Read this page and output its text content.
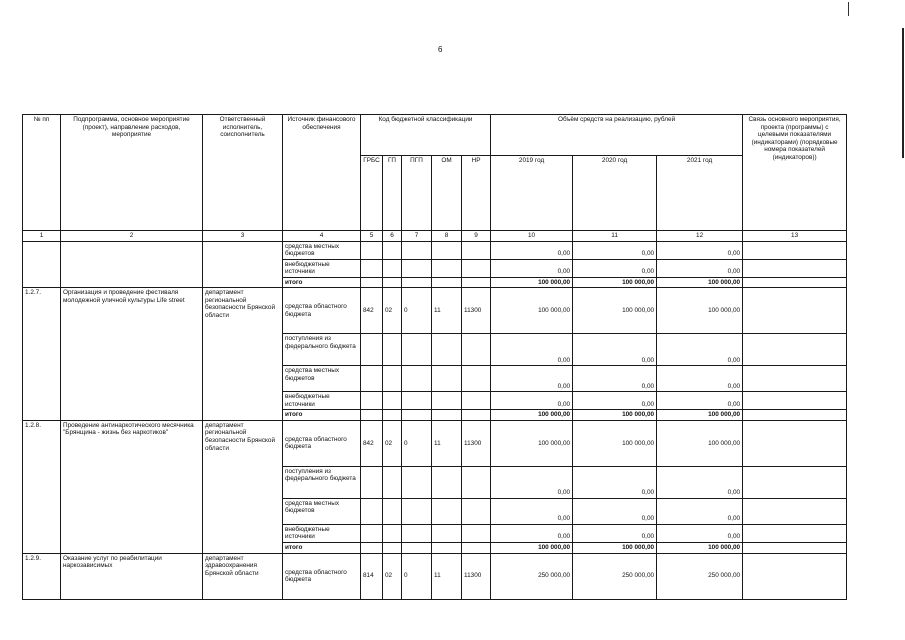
6
№ пп	Подпрограмма, основное мероприятие (проект), направление расходов, мероприятие	Ответственный исполнитель, соисполнитель	Источник финансового обеспечения	Код бюджетной классификации					Объём средств на реализацию, рублей			Связь основного мероприятия, проекта (программы) с целевыми показателями (индикаторами) (порядковые номера показателей (индикаторов))
				ГРБС	ГП	ПГП	ОМ	НР	2019 год	2020 год	2021 год	
1	2	3	4	5	6	7	8	9	10	11	12	13
			средства местных бюджетов						0,00	0,00	0,00	
			внебюджетные источники						0,00	0,00	0,00	
			итого						100 000,00	100 000,00	100 000,00	
1.2.7.	Организация и проведение фестиваля молодежной уличной культуры Life street	департамент региональной безопасности Брянской области	средства областного бюджета	842	02	0	11	11300	100 000,00	100 000,00	100 000,00	
			поступления из федерального бюджета						0,00	0,00	0,00	
			средства местных бюджетов						0,00	0,00	0,00	
			внебюджетные источники						0,00	0,00	0,00	
			итого						100 000,00	100 000,00	100 000,00	
1.2.8.	Проведение антинаркотического месячника "Брянщина - жизнь без наркотиков"	департамент региональной безопасности Брянской области	средства областного бюджета	842	02	0	11	11300	100 000,00	100 000,00	100 000,00	
			поступления из федерального бюджета						0,00	0,00	0,00	
			средства местных бюджетов						0,00	0,00	0,00	
			внебюджетные источники						0,00	0,00	0,00	
			итого						100 000,00	100 000,00	100 000,00	
1.2.9.	Оказание услуг по реабилитации наркозависимых	департамент здравоохранения Брянской области	средства областного бюджета	814	02	0	11	11300	250 000,00	250 000,00	250 000,00	
